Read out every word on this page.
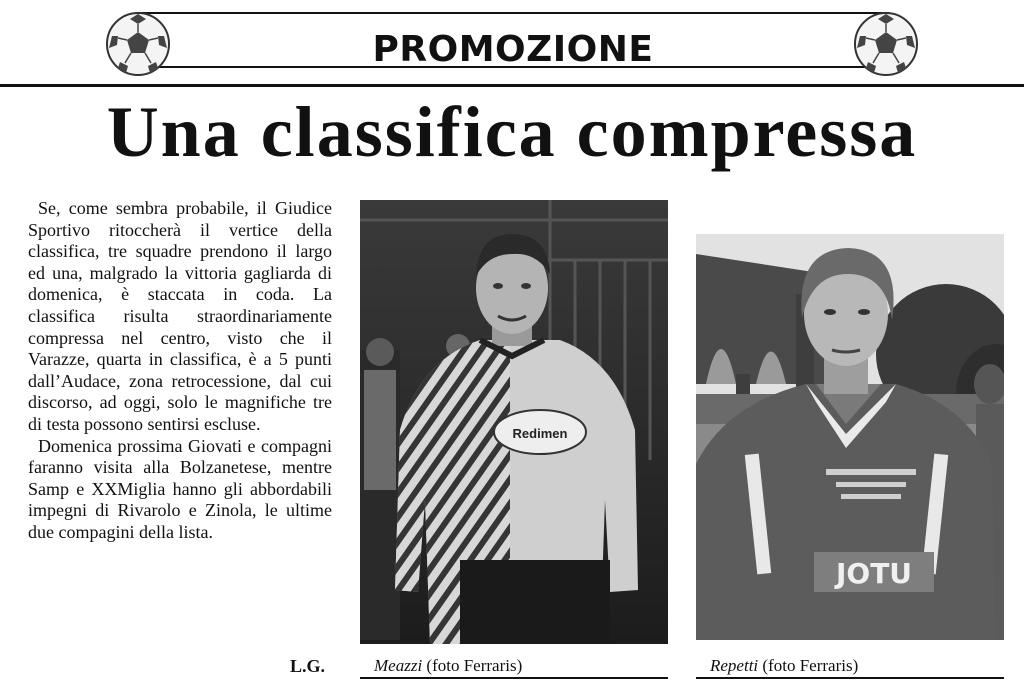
PROMOZIONE
Una classifica compressa

Se, come sembra probabile, il Giudice Sportivo ritoccherà il vertice della classifica, tre squadre prendono il largo ed una, malgrado la vittoria gagliarda di domenica, è staccata in coda. La classifica risulta straordinariamente compressa nel centro, visto che il Varazze, quarta in classifica, è a 5 punti dall’Audace, zona retrocessione, dal cui discorso, ad oggi, solo le magnifiche tre di testa possono sentirsi escluse.

Domenica prossima Giovati e compagni faranno visita alla Bolzanetese, mentre Samp e XXMiglia hanno gli abbordabili impegni di Rivarolo e Zinola, le ultime due compagini della lista.

L.G.
Redimen
JOTU
Meazzi (foto Ferraris)	Repetti (foto Ferraris)
